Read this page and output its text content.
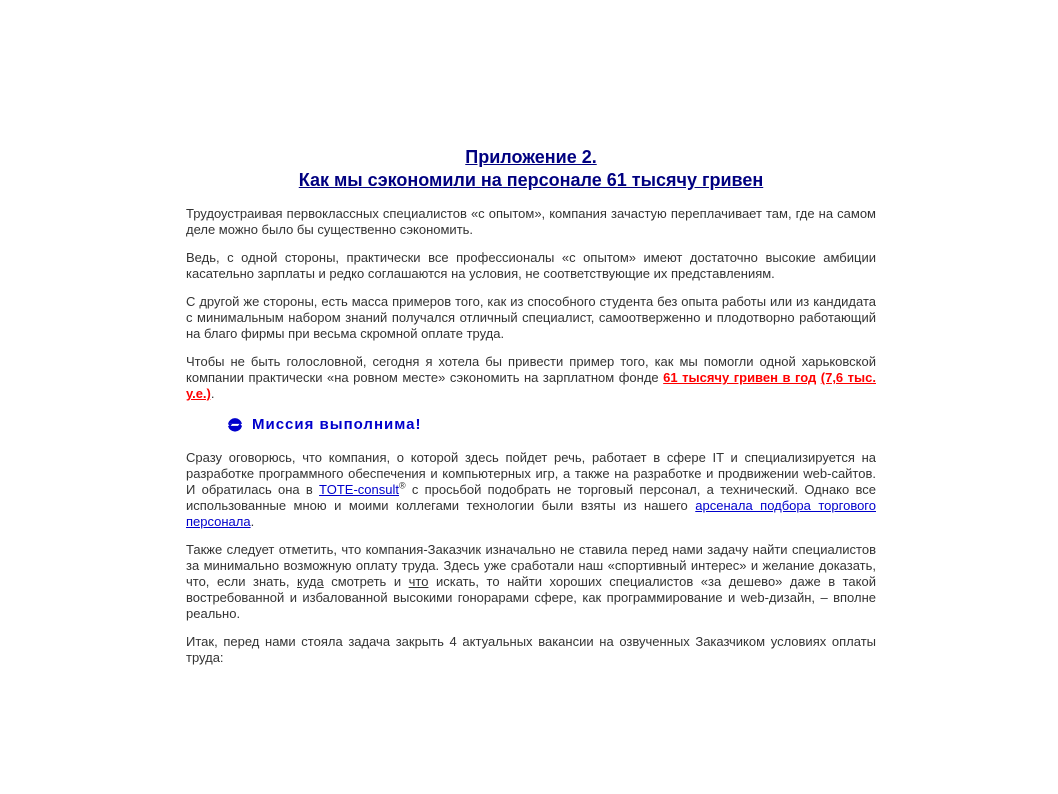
Приложение 2.
Как мы сэкономили на персонале 61 тысячу гривен

Трудоустраивая первоклассных специалистов «с опытом», компания зачастую переплачивает там, где на самом деле можно было бы существенно сэкономить.

Ведь, с одной стороны, практически все профессионалы «с опытом» имеют достаточно высокие амбиции касательно зарплаты и редко соглашаются на условия, не соответствующие их представлениям.

С другой же стороны, есть масса примеров того, как из способного студента без опыта работы или из кандидата с минимальным набором знаний получался отличный специалист, самоотверженно и плодотворно работающий на благо фирмы при весьма скромной оплате труда.

Чтобы не быть голословной, сегодня я хотела бы привести пример того, как мы помогли одной харьковской компании практически «на ровном месте» сэкономить на зарплатном фонде 61 тысячу гривен в год (7,6 тыс. у.е.).

Миссия выполнима!

Сразу оговорюсь, что компания, о которой здесь пойдет речь, работает в сфере IT и специализируется на разработке программного обеспечения и компьютерных игр, а также на разработке и продвижении web-сайтов. И обратилась она в TOTE-consult® с просьбой подобрать не торговый персонал, а технический. Однако все использованные мною и моими коллегами технологии были взяты из нашего арсенала подбора торгового персонала.

Также следует отметить, что компания-Заказчик изначально не ставила перед нами задачу найти специалистов за минимально возможную оплату труда. Здесь уже сработали наш «спортивный интерес» и желание доказать, что, если знать, куда смотреть и что искать, то найти хороших специалистов «за дешево» даже в такой востребованной и избалованной высокими гонорарами сфере, как программирование и web-дизайн, – вполне реально.

Итак, перед нами стояла задача закрыть 4 актуальных вакансии на озвученных Заказчиком условиях оплаты труда:
